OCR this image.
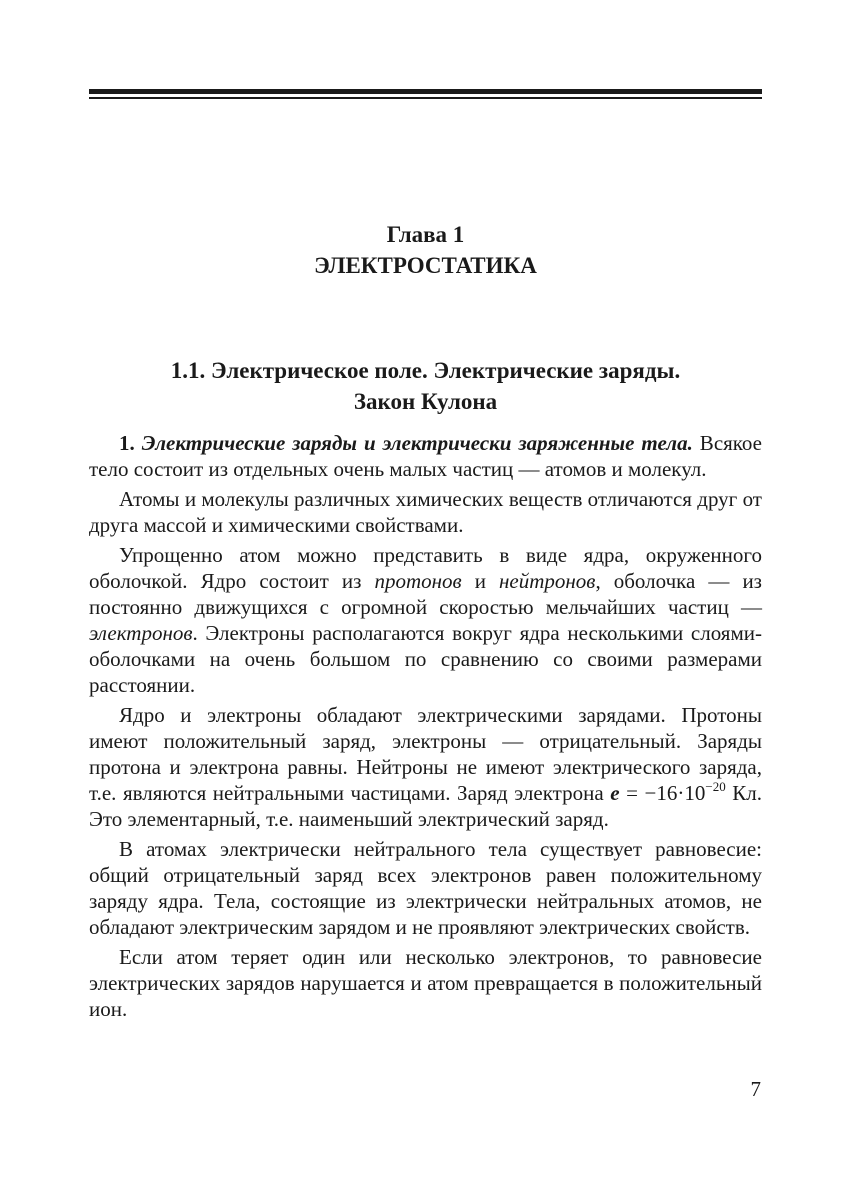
Глава 1
ЭЛЕКТРОСТАТИКА
1.1. Электрическое поле. Электрические заряды.
Закон Кулона

1. Электрические заряды и электрически заряженные тела. Всякое тело состоит из отдельных очень малых частиц — атомов и молекул.

Атомы и молекулы различных химических веществ отличаются друг от друга массой и химическими свойствами.

Упрощенно атом можно представить в виде ядра, окруженного оболочкой. Ядро состоит из протонов и нейтронов, оболочка — из постоянно движущихся с огромной скоростью мельчайших частиц — электронов. Электроны располагаются вокруг ядра несколькими слоями-оболочками на очень большом по сравнению со своими размерами расстоянии.

Ядро и электроны обладают электрическими зарядами. Протоны имеют положительный заряд, электроны — отрицательный. Заряды протона и электрона равны. Нейтроны не имеют электрического заряда, т.е. являются нейтральными частицами. Заряд электрона $e = -16\cdot 10^{-20}$ Кл. Это элементарный, т.е. наименьший электрический заряд.

В атомах электрически нейтрального тела существует равновесие: общий отрицательный заряд всех электронов равен положительному заряду ядра. Тела, состоящие из электрически нейтральных атомов, не обладают электрическим зарядом и не проявляют электрических свойств.

Если атом теряет один или несколько электронов, то равновесие электрических зарядов нарушается и атом превращается в положительный ион.

7
